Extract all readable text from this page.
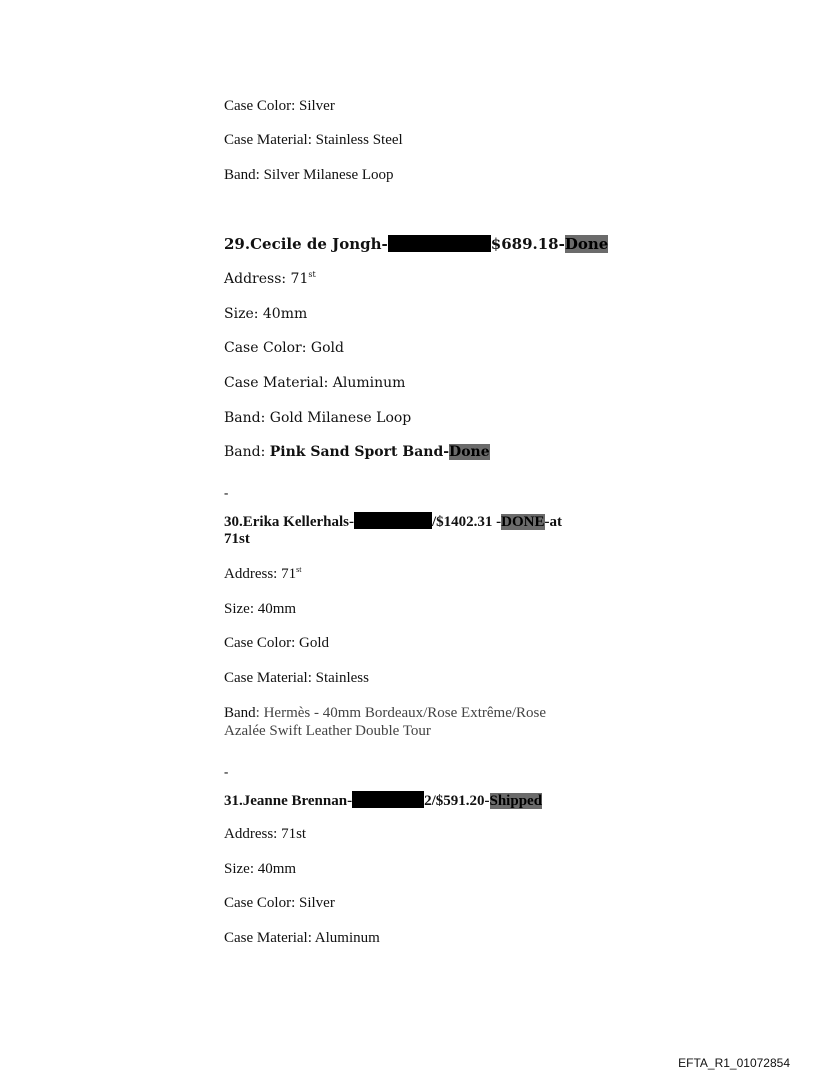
Case Color: Silver
Case Material: Stainless Steel
Band: Silver Milanese Loop
29.Cecile de Jongh-	$689.18-Done
Address: 71st
Size: 40mm
Case Color: Gold
Case Material: Aluminum
Band: Gold Milanese Loop
Band: Pink Sand Sport Band-Done
-
30.Erika Kellerhals-	/$1402.31 -DONE-at
71st
Address: 71st
Size: 40mm
Case Color: Gold
Case Material: Stainless
Band: Hermès - 40mm Bordeaux/Rose Extrême/Rose
Azalée Swift Leather Double Tour
-
31.Jeanne Brennan-	2/$591.20-Shipped
Address: 71st
Size: 40mm
Case Color: Silver
Case Material: Aluminum
EFTA_R1_01072854
